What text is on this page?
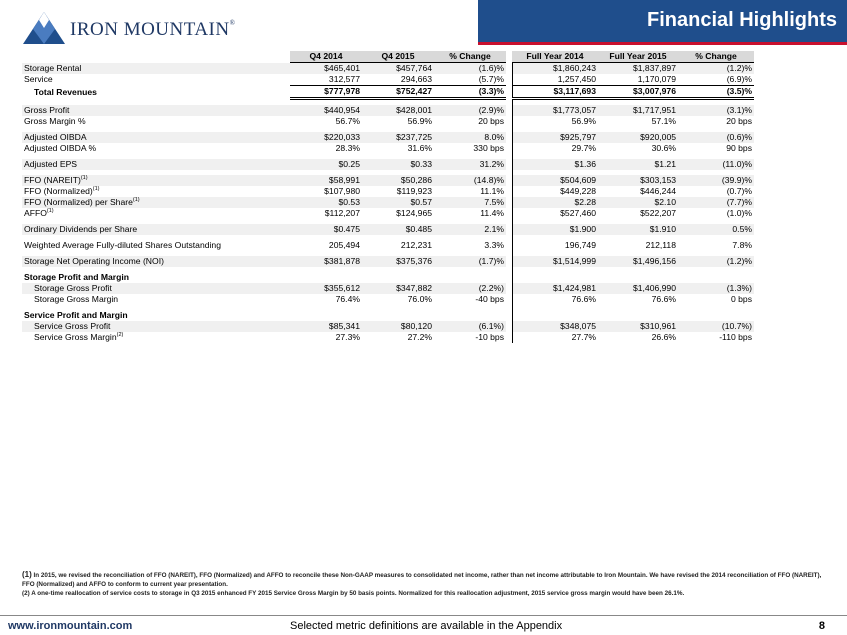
IRON MOUNTAIN®	Financial Highlights
	Q4 2014	Q4 2015	% Change		Full Year 2014	Full Year 2015	% Change	
Storage Rental	$465,401	$457,764	(1.6)%		$1,860,243	$1,837,897	(1.2)%	
Service	312,577	294,663	(5.7)%		1,257,450	1,170,079	(6.9)%	
Total Revenues	$777,978	$752,427	(3.3)%		$3,117,693	$3,007,976	(3.5)%	

Gross Profit	$440,954	$428,001	(2.9)%		$1,773,057	$1,717,951	(3.1)%	
Gross Margin %	56.7%	56.9%	20 bps		56.9%	57.1%	20 bps	

Adjusted OIBDA	$220,033	$237,725	8.0%		$925,797	$920,005	(0.6)%	
Adjusted OIBDA %	28.3%	31.6%	330 bps		29.7%	30.6%	90 bps	

Adjusted EPS	$0.25	$0.33	31.2%		$1.36	$1.21	(11.0)%	

FFO (NAREIT)$^{(1)}$	$58,991	$50,286	(14.8)%		$504,609	$303,153	(39.9)%	
FFO (Normalized)$^{(1)}$	$107,980	$119,923	11.1%		$449,228	$446,244	(0.7)%	
FFO (Normalized) per Share$^{(1)}$	$0.53	$0.57	7.5%		$2.28	$2.10	(7.7)%	
AFFO$^{(1)}$	$112,207	$124,965	11.4%		$527,460	$522,207	(1.0)%	

Ordinary Dividends per Share	$0.475	$0.485	2.1%		$1.900	$1.910	0.5%	

Weighted Average Fully-diluted Shares Outstanding	205,494	212,231	3.3%		196,749	212,118	7.8%	

Storage Net Operating Income (NOI)	$381,878	$375,376	(1.7)%		$1,514,999	$1,496,156	(1.2)%	

Storage Profit and Margin								
Storage Gross Profit	$355,612	$347,882	(2.2%)		$1,424,981	$1,406,990	(1.3%)	
Storage Gross Margin	76.4%	76.0%	-40 bps		76.6%	76.6%	0 bps	

Service Profit and Margin								
Service Gross Profit	$85,341	$80,120	(6.1%)		$348,075	$310,961	(10.7%)	
Service Gross Margin$^{(2)}$	27.3%	27.2%	-10 bps		27.7%	26.6%	-110 bps	

(1) In 2015, we revised the reconciliation of FFO (NAREIT), FFO (Normalized) and AFFO to reconcile these Non-GAAP measures to consolidated net income, rather than net income attributable to Iron Mountain. We have revised the 2014 reconciliation of FFO (NAREIT), FFO (Normalized) and AFFO to conform to current year presentation.

(2) A one-time reallocation of service costs to storage in Q3 2015 enhanced FY 2015 Service Gross Margin by 50 basis points. Normalized for this reallocation adjustment, 2015 service gross margin would have been 26.1%.

www.ironmountain.com	Selected metric definitions are available in the Appendix	8
